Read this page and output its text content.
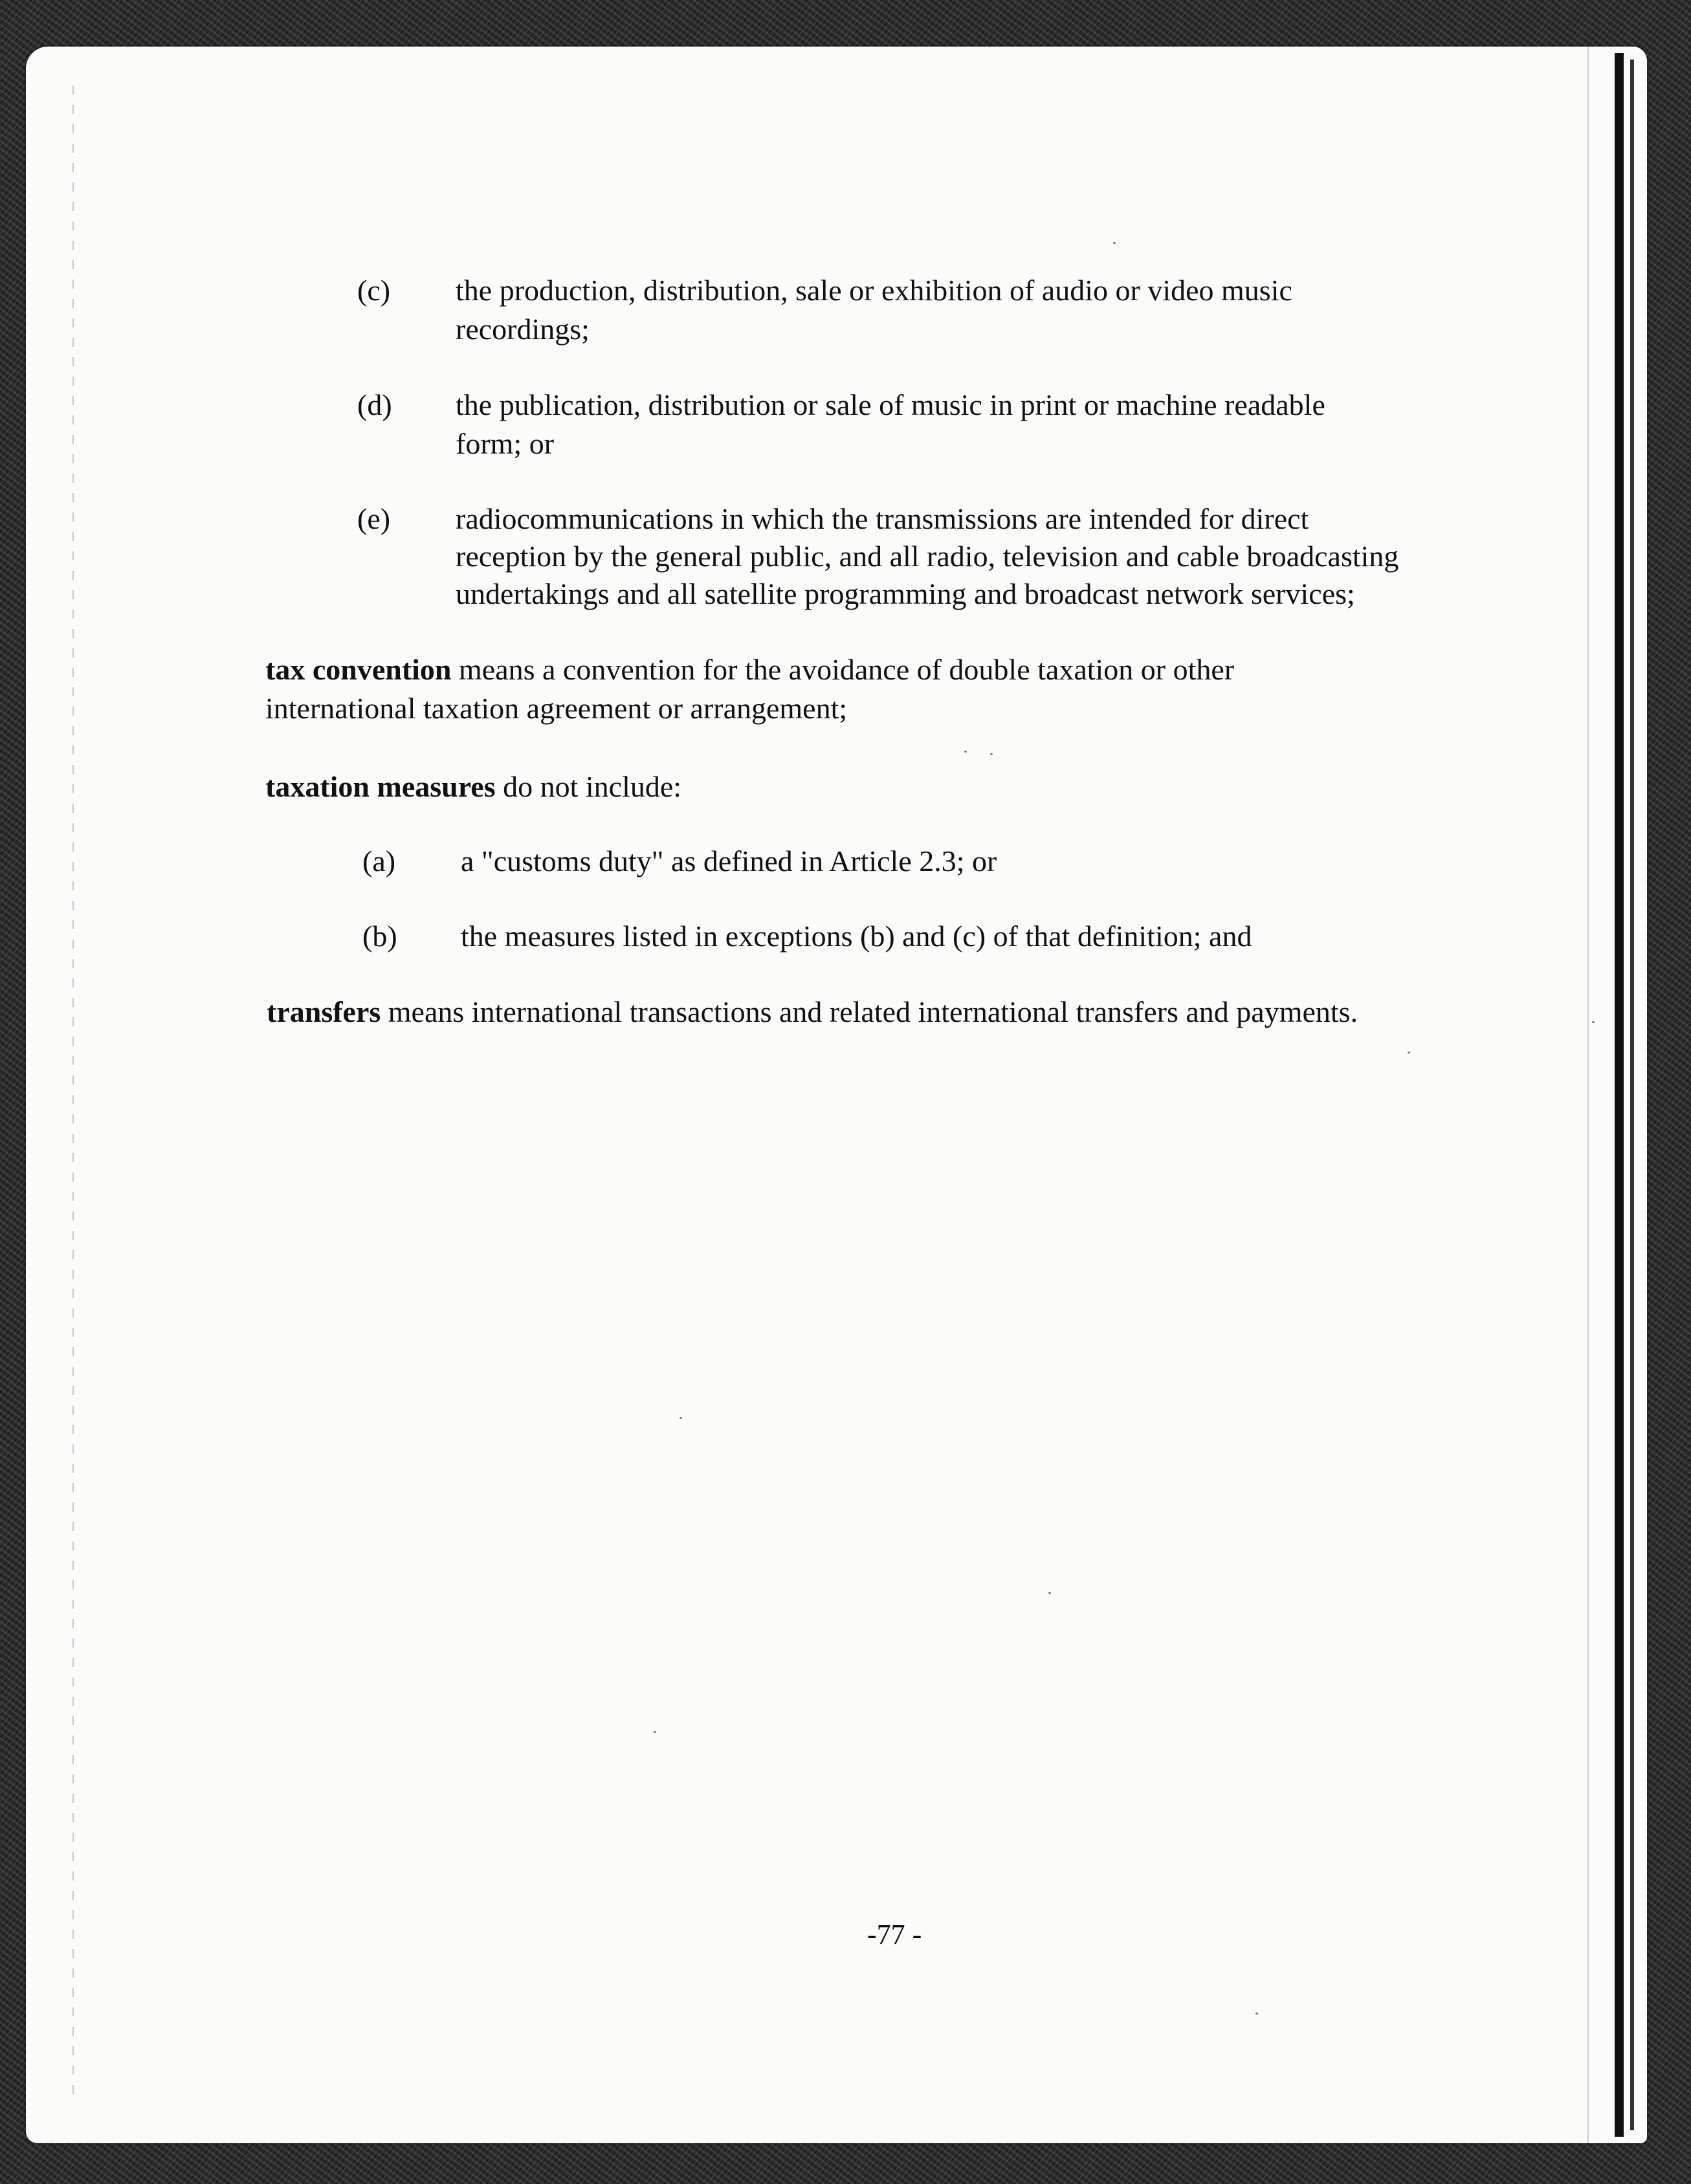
(c) the production, distribution, sale or exhibition of audio or video music
recordings;
(d) the publication, distribution or sale of music in print or machine readable
form; or
(e) radiocommunications in which the transmissions are intended for direct
reception by the general public, and all radio, television and cable broadcasting
undertakings and all satellite programming and broadcast network services;
tax convention means a convention for the avoidance of double taxation or other
international taxation agreement or arrangement;
taxation measures do not include:
(a) a "customs duty" as defined in Article 2.3; or
(b) the measures listed in exceptions (b) and (c) of that definition; and
transfers means international transactions and related international transfers and payments.
-77 -
